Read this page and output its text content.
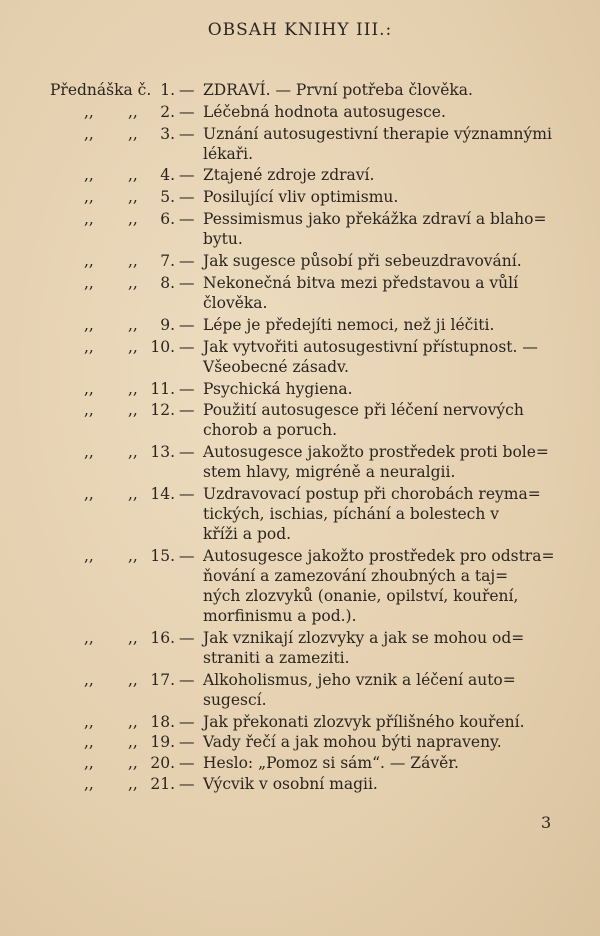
OBSAH KNIHY III.:
Přednáška č. 1. — ZDRAVÍ. — První potřeba člověka.
,, ,, 2. — Léčebná hodnota autosugesce.
,, ,, 3. — Uznání autosugestivní therapie významnými
lékaři.
,, ,, 4. — Ztajené zdroje zdraví.
,, ,, 5. — Posilující vliv optimismu.
,, ,, 6. — Pessimismus jako překážka zdraví a blaho=
bytu.
,, ,, 7. — Jak sugesce působí při sebeuzdravování.
,, ,, 8. — Nekonečná bitva mezi představou a vůlí
člověka.
,, ,, 9. — Lépe je předejíti nemoci, než ji léčiti.
,, ,, 10. — Jak vytvořiti autosugestivní přístupnost. —
Všeobecné zásadv.
,, ,, 11. — Psychická hygiena.
,, ,, 12. — Použití autosugesce při léčení nervových
chorob a poruch.
,, ,, 13. — Autosugesce jakožto prostředek proti bole=
stem hlavy, migréně a neuralgii.
,, ,, 14. — Uzdravovací postup při chorobách reyma=
tických, ischias, píchání a bolestech v
kříži a pod.
,, ,, 15. — Autosugesce jakožto prostředek pro odstra=
ňování a zamezování zhoubných a taj=
ných zlozvyků (onanie, opilství, kouření,
morfinismu a pod.).
,, ,, 16. — Jak vznikají zlozvyky a jak se mohou od=
straniti a zameziti.
,, ,, 17. — Alkoholismus, jeho vznik a léčení auto=
sugescí.
,, ,, 18. — Jak překonati zlozvyk přílišného kouření.
,, ,, 19. — Vady řečí a jak mohou býti napraveny.
,, ,, 20. — Heslo: „Pomoz si sám“. — Závěr.
,, ,, 21. — Výcvik v osobní magii.
3
